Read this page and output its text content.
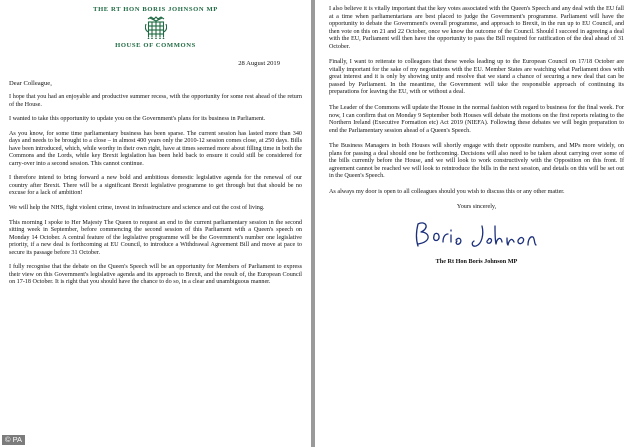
THE RT HON BORIS JOHNSON MP
HOUSE OF COMMONS
28 August 2019
Dear Colleague,

I hope that you had an enjoyable and productive summer recess, with the opportunity for some rest ahead of the return of the House.

I wanted to take this opportunity to update you on the Government's plans for its business in Parliament.

As you know, for some time parliamentary business has been sparse. The current session has lasted more than 340 days and needs to be brought to a close – in almost 400 years only the 2010-12 session comes close, at 250 days. Bills have been introduced, which, while worthy in their own right, have at times seemed more about filling time in both the Commons and the Lords, while key Brexit legislation has been held back to ensure it could still be considered for carry-over into a second session. This cannot continue.

I therefore intend to bring forward a new bold and ambitious domestic legislative agenda for the renewal of our country after Brexit. There will be a significant Brexit legislative programme to get through but that should be no excuse for a lack of ambition!

We will help the NHS, fight violent crime, invest in infrastructure and science and cut the cost of living.

This morning I spoke to Her Majesty The Queen to request an end to the current parliamentary session in the second sitting week in September, before commencing the second session of this Parliament with a Queen's speech on Monday 14 October. A central feature of the legislative programme will be the Government's number one legislative priority, if a new deal is forthcoming at EU Council, to introduce a Withdrawal Agreement Bill and move at pace to secure its passage before 31 October.

I fully recognise that the debate on the Queen's Speech will be an opportunity for Members of Parliament to express their view on this Government's legislative agenda and its approach to Brexit, and the result of, the European Council on 17-18 October. It is right that you should have the chance to do so, in a clear and unambiguous manner.

I also believe it is vitally important that the key votes associated with the Queen's Speech and any deal with the EU fall at a time when parliamentarians are best placed to judge the Government's programme. Parliament will have the opportunity to debate the Government's overall programme, and approach to Brexit, in the run up to EU Council, and then vote on this on 21 and 22 October, once we know the outcome of the Council. Should I succeed in agreeing a deal with the EU, Parliament will then have the opportunity to pass the Bill required for ratification of the deal ahead of 31 October.

Finally, I want to reiterate to colleagues that these weeks leading up to the European Council on 17/18 October are vitally important for the sake of my negotiations with the EU. Member States are watching what Parliament does with great interest and it is only by showing unity and resolve that we stand a chance of securing a new deal that can be passed by Parliament. In the meantime, the Government will take the responsible approach of continuing its preparations for leaving the EU, with or without a deal.

The Leader of the Commons will update the House in the normal fashion with regard to business for the final week. For now, I can confirm that on Monday 9 September both Houses will debate the motions on the first reports relating to the Northern Ireland (Executive Formation etc) Act 2019 (NIEFA). Following these debates we will begin preparation to end the Parliamentary session ahead of a Queen's Speech.

The Business Managers in both Houses will shortly engage with their opposite numbers, and MPs more widely, on plans for passing a deal should one be forthcoming. Decisions will also need to be taken about carrying over some of the bills currently before the House, and we will look to work constructively with the Opposition on this front. If agreement cannot be reached we will look to reintroduce the bills in the next session, and details on this will be set out in the Queen's Speech.

As always my door is open to all colleagues should you wish to discuss this or any other matter.

Yours sincerely,
The Rt Hon Boris Johnson MP
© PA
